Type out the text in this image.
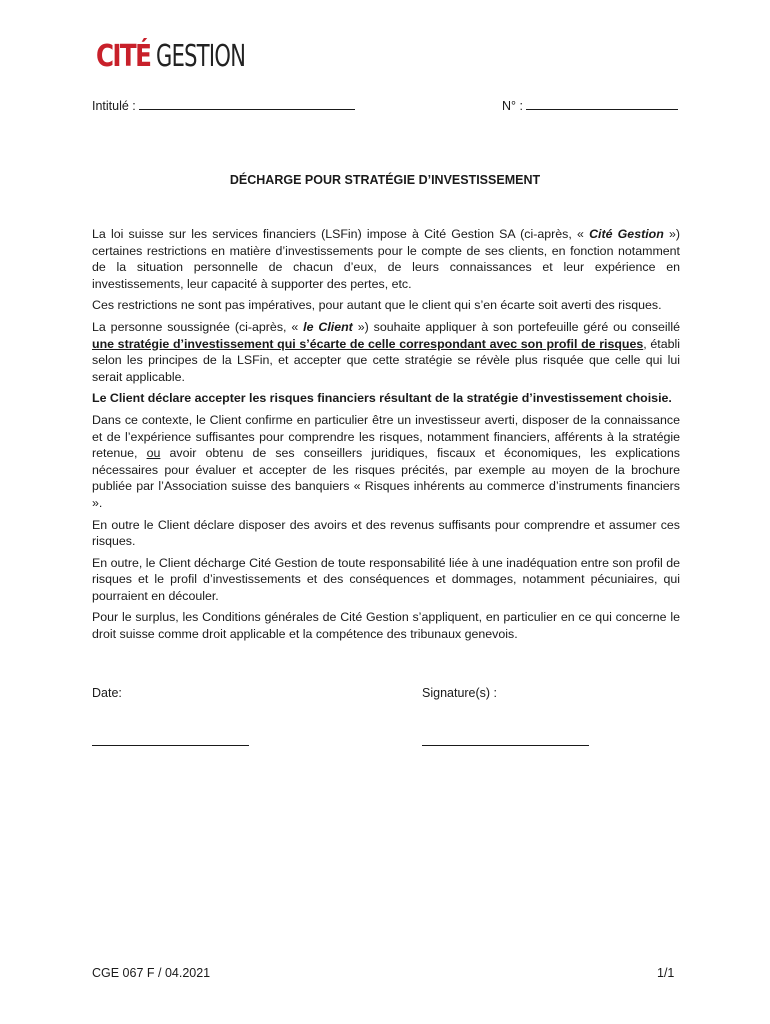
CITÉ GESTION
Intitulé :	N° :
DÉCHARGE POUR STRATÉGIE D’INVESTISSEMENT

La loi suisse sur les services financiers (LSFin) impose à Cité Gestion SA (ci-après, « Cité Gestion ») certaines restrictions en matière d’investissements pour le compte de ses clients, en fonction notamment de la situation personnelle de chacun d’eux, de leurs connaissances et leur expérience en investissements, leur capacité à supporter des pertes, etc.

Ces restrictions ne sont pas impératives, pour autant que le client qui s’en écarte soit averti des risques.

La personne soussignée (ci-après, « le Client ») souhaite appliquer à son portefeuille géré ou conseillé une stratégie d’investissement qui s’écarte de celle correspondant avec son profil de risques, établi selon les principes de la LSFin, et accepter que cette stratégie se révèle plus risquée que celle qui lui serait applicable.

Le Client déclare accepter les risques financiers résultant de la stratégie d’investissement choisie.

Dans ce contexte, le Client confirme en particulier être un investisseur averti, disposer de la connaissance et de l’expérience suffisantes pour comprendre les risques, notamment financiers, afférents à la stratégie retenue, ou avoir obtenu de ses conseillers juridiques, fiscaux et économiques, les explications nécessaires pour évaluer et accepter de les risques précités, par exemple au moyen de la brochure publiée par l’Association suisse des banquiers « Risques inhérents au commerce d’instruments financiers ».

En outre le Client déclare disposer des avoirs et des revenus suffisants pour comprendre et assumer ces risques.

En outre, le Client décharge Cité Gestion de toute responsabilité liée à une inadéquation entre son profil de risques et le profil d’investissements et des conséquences et dommages, notamment pécuniaires, qui pourraient en découler.

Pour le surplus, les Conditions générales de Cité Gestion s’appliquent, en particulier en ce qui concerne le droit suisse comme droit applicable et la compétence des tribunaux genevois.

Date:	Signature(s) :
CGE 067 F / 04.2021	1/1
